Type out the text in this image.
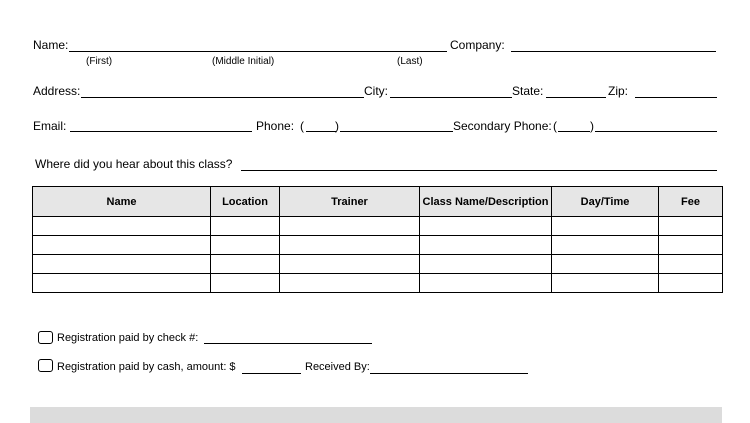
Name:
(First)	(Middle Initial)	(Last)
Company:
Address:	City:	State:	Zip:
Email:	Phone: (	)	Secondary Phone: (	)
Where did you hear about this class?
Name	Location	Trainer	Class Name/Description	Day/Time	Fee

Registration paid by check #:
Registration paid by cash, amount: $	Received By:
